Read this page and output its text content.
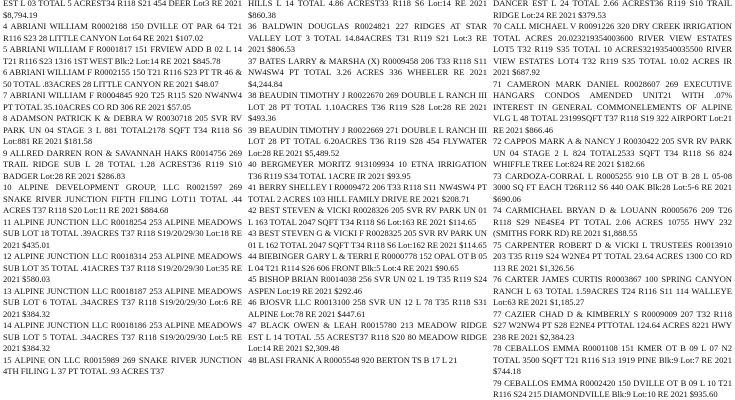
EST L 03 TOTAL 5 ACREST34 R118 S21 454 DEER Lot3 RE 2021 $8,794.19

4 ABRIANI WILLIAM R0002188 150 DVILLE OT PAR 64 T21 R116 S23 28 LITTLE CANYON Lot 64 RE 2021 $107.02

5 ABRIANI WILLIAM F R0001817 151 FRVIEW ADD B 02 L 14 T21 R116 S23 1316 1ST WEST Blk:2 Lot:14 RE 2021 $845.78

6 ABRIANI WILLIAM F R0002155 150 T21 R116 S23 PT TR 46 & 50 TOTAL .83ACRES 28 LITTLE CANYON RE 2021 $48.07

7 ABRIANI WILLIAM F R0004845 920 T25 R115 S20 NW4NW4 PT TOTAL 35.10ACRES CO RD 306 RE 2021 $57.05

8 ADAMSON PATRICK K & DEBRA W R0030718 205 SVR RV PARK UN 04 STAGE 3 L 881 TOTAL2178 SQFT T34 R118 S6 Lot:881 RE 2021 $181.58

9 ALLRED DARREN RON & SAVANNAH HAKS R0014756 269 TRAIL RIDGE SUB L 28 TOTAL 1.28 ACREST36 R119 S10 BADGER Lot:28 RE 2021 $286.83

10 ALPINE DEVELOPMENT GROUP, LLC R0021597 269 SNAKE RIVER JUNCTION FIFTH FILING LOT11 TOTAL .44 ACRES T37 R118 S20 Lot:11 RE 2021 $884.68

11 ALPINE JUNCTION LLC R0018254 253 ALPINE MEADOWS SUB LOT 18 TOTAL .39ACRES T37 R118 S19/20/29/30 Lot:18 RE 2021 $435.01

12 ALPINE JUNCTION LLC R0018314 253 ALPINE MEADOWS SUB LOT 35 TOTAL .41ACRES T37 R118 S19/20/29/30 Lot:35 RE 2021 $580.03

13 ALPINE JUNCTION LLC R0018187 253 ALPINE MEADOWS SUB LOT 6 TOTAL .34ACRES T37 R118 S19/20/29/30 Lot:6 RE 2021 $384.32

14 ALPINE JUNCTION LLC R0018186 253 ALPINE MEADOWS SUB LOT 5 TOTAL .34ACRES T37 R118 S19/20/29/30 Lot:5 RE 2021 $384.32

15 ALPINE ON LLC R0015989 269 SNAKE RIVER JUNCTION 4TH FILING L 37 PT TOTAL .93 ACRES T37

HILLS L 14 TOTAL 4.86 ACREST33 R118 S6 Lot:14 RE 2021 $860.38

36 BALDWIN DOUGLAS R0024821 227 RIDGES AT STAR VALLEY LOT 3 TOTAL 14.84ACRES T31 R119 S21 Lot:3 RE 2021 $806.53

37 BATES LARRY & MARSHA (X) R0009458 206 T33 R118 S11 NW4SW4 PT TOTAL 3.26 ACRES 336 WHEELER RE 2021 $4,244.84

38 BEAUDIN TIMOTHY J R0022670 269 DOUBLE L RANCH III LOT 28 PT TOTAL 1.10ACRES T36 R119 S28 Lot:28 RE 2021 $493.36

39 BEAUDIN TIMOTHY J R0022669 271 DOUBLE L RANCH III LOT 28 PT TOTAL 6.20ACRES T36 R119 S28 454 FLYWATER Lot:28 RE 2021 $5,489.52

40 BERGMEYER MORITZ 913109934 10 ETNA IRRIGATION T36 R119 S34 TOTAL 1ACRE IR 2021 $93.95

41 BERRY SHELLEY I R0009472 206 T33 R118 S11 NW4SW4 PT TOTAL 2 ACRES 103 HILL FAMILY DRIVE RE 2021 $208.71

42 BEST STEVEN & VICKI R0028326 205 SVR RV PARK UN 01 L 163 TOTAL 2047 SQFT T34 R118 S6 Lot:163 RE 2021 $114.65

43 BEST STEVEN G & VICKI F R0028325 205 SVR RV PARK UN 01 L 162 TOTAL 2047 SQFT T34 R118 S6 Lot:162 RE 2021 $114.65

44 BIEBINGER GARY L & TERRI E R0000778 152 OPAL OT B 05 L 04 T21 R114 S26 606 FRONT Blk:5 Lot:4 RE 2021 $90.65

45 BISHOP BRIAN R0014038 256 SVR UN 02 L 19 T35 R119 S24 ASPEN Lot:19 RE 2021 $292.46

46 BJOSVR LLC R0013100 258 SVR UN 12 L 78 T35 R118 S31 ALPINE Lot:78 RE 2021 $447.61

47 BLACK OWEN & LEAH R0015780 213 MEADOW RIDGE EST L 14 TOTAL .55 ACREST37 R118 S20 80 MEADOW RIDGE Lot:14 RE 2021 $2,309.48

48 BLASI FRANK A R0005548 920 BERTON TS B 17 L 21

DANCER EST L 24 TOTAL 2.66 ACREST36 R119 S10 TRAIL RIDGE Lot:24 RE 2021 $379.53

70 CALL MICHAEL V R0091226 320 DRY CREEK IRRIGATION TOTAL ACRES 20.023219354003600 RIVER VIEW ESTATES LOT5 T32 R119 S35 TOTAL 10 ACRES32193540035500 RIVER VIEW ESTATES LOT4 T32 R119 S35 TOTAL 10.02 ACRES IR 2021 $687.92

71 CAMERON MARK DANIEL R0028607 269 EXECUTIVE HANGARS CONDOS AMENDED UNIT21 WITH .07% INTEREST IN GENERAL COMMONELEMENTS OF ALPINE VLG L 48 TOTAL 23199SQFT T37 R118 S19 322 AIRPORT Lot:21 RE 2021 $866.46

72 CAPPOS MARK A & NANCY J R0030422 205 SVR RV PARK UN 04 STAGE 2 L 824 TOTAL2533 SQFT T34 R118 S6 824 WHIFFLE TREE Lot:824 RE 2021 $182.66

73 CARDOZA-CORRAL L R0005255 910 LB OT B 28 L 05-08 3000 SQ FT EACH T26R112 S6 440 OAK Blk:28 Lot:5-6 RE 2021 $690.06

74 CARMICHAEL BRYAN D & LOUANN R0005676 209 T26 R118 S29 NE4SE4 PT TOTAL 2.06 ACRES 10755 HWY 232 (SMITHS FORK RD) RE 2021 $1,888.55

75 CARPENTER ROBERT D & VICKI L TRUSTEES R0013910 203 T35 R119 S24 W2NE4 PT TOTAL 23.64 ACRES 1300 CO RD 113 RE 2021 $1,326.56

76 CARTER JAMES CURTIS R0003867 100 SPRING CANYON RANCH L 63 TOTAL 1.59ACRES T24 R116 S11 114 WALLEYE Lot:63 RE 2021 $1,185.27

77 CAZIER CHAD D & KIMBERLY S R0009009 207 T32 R118 S27 W2NW4 PT S28 E2NE4 PTTOTAL 124.64 ACRES 8221 HWY 238 RE 2021 $2,384.23

78 CEBALLOS EMMA R0001108 151 KMER OT B 09 L 07 N2 TOTAL 3500 SQFT T21 R116 S13 1919 PINE Blk:9 Lot:7 RE 2021 $744.18

79 CEBALLOS EMMA R0002420 150 DVILLE OT B 09 L 10 T21 R116 S24 215 DIAMONDVILLE Blk:9 Lot:10 RE 2021 $935.60
